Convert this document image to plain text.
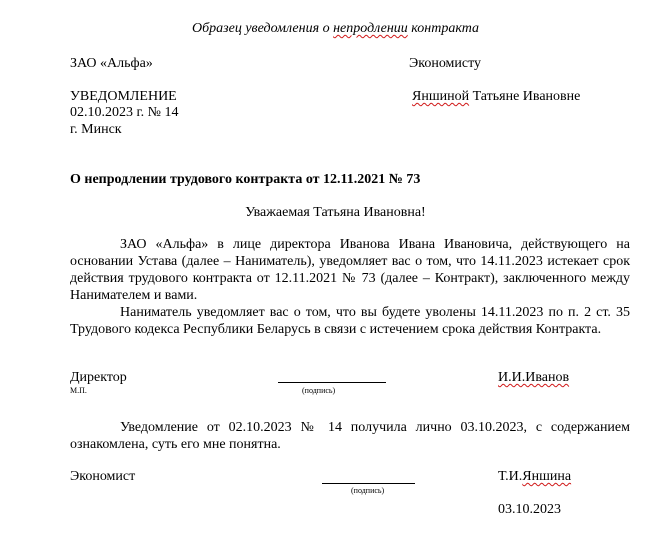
Образец уведомления о непродлении контракта
ЗАО «Альфа»	Экономисту
УВЕДОМЛЕНИЕ	Яншиной Татьяне Ивановне
02.10.2023 г. № 14
г. Минск
О непродлении трудового контракта от 12.11.2021 № 73
Уважаемая Татьяна Ивановна!

ЗАО «Альфа» в лице директора Иванова Ивана Ивановича, действующего на основании Устава (далее – Наниматель), уведомляет вас о том, что 14.11.2023 истекает срок действия трудового контракта от 12.11.2021 № 73 (далее – Контракт), заключенного между Нанимателем и вами.

Наниматель уведомляет вас о том, что вы будете уволены 14.11.2023 по п. 2 ст. 35 Трудового кодекса Республики Беларусь в связи с истечением срока действия Контракта.

Директор
М.П.	(подпись)
И.И.Иванов

Уведомление от 02.10.2023 № 14 получила лично 03.10.2023, с содержанием ознакомлена, суть его мне понятна.

Экономист
(подпись)
Т.И.Яншина
03.10.2023
